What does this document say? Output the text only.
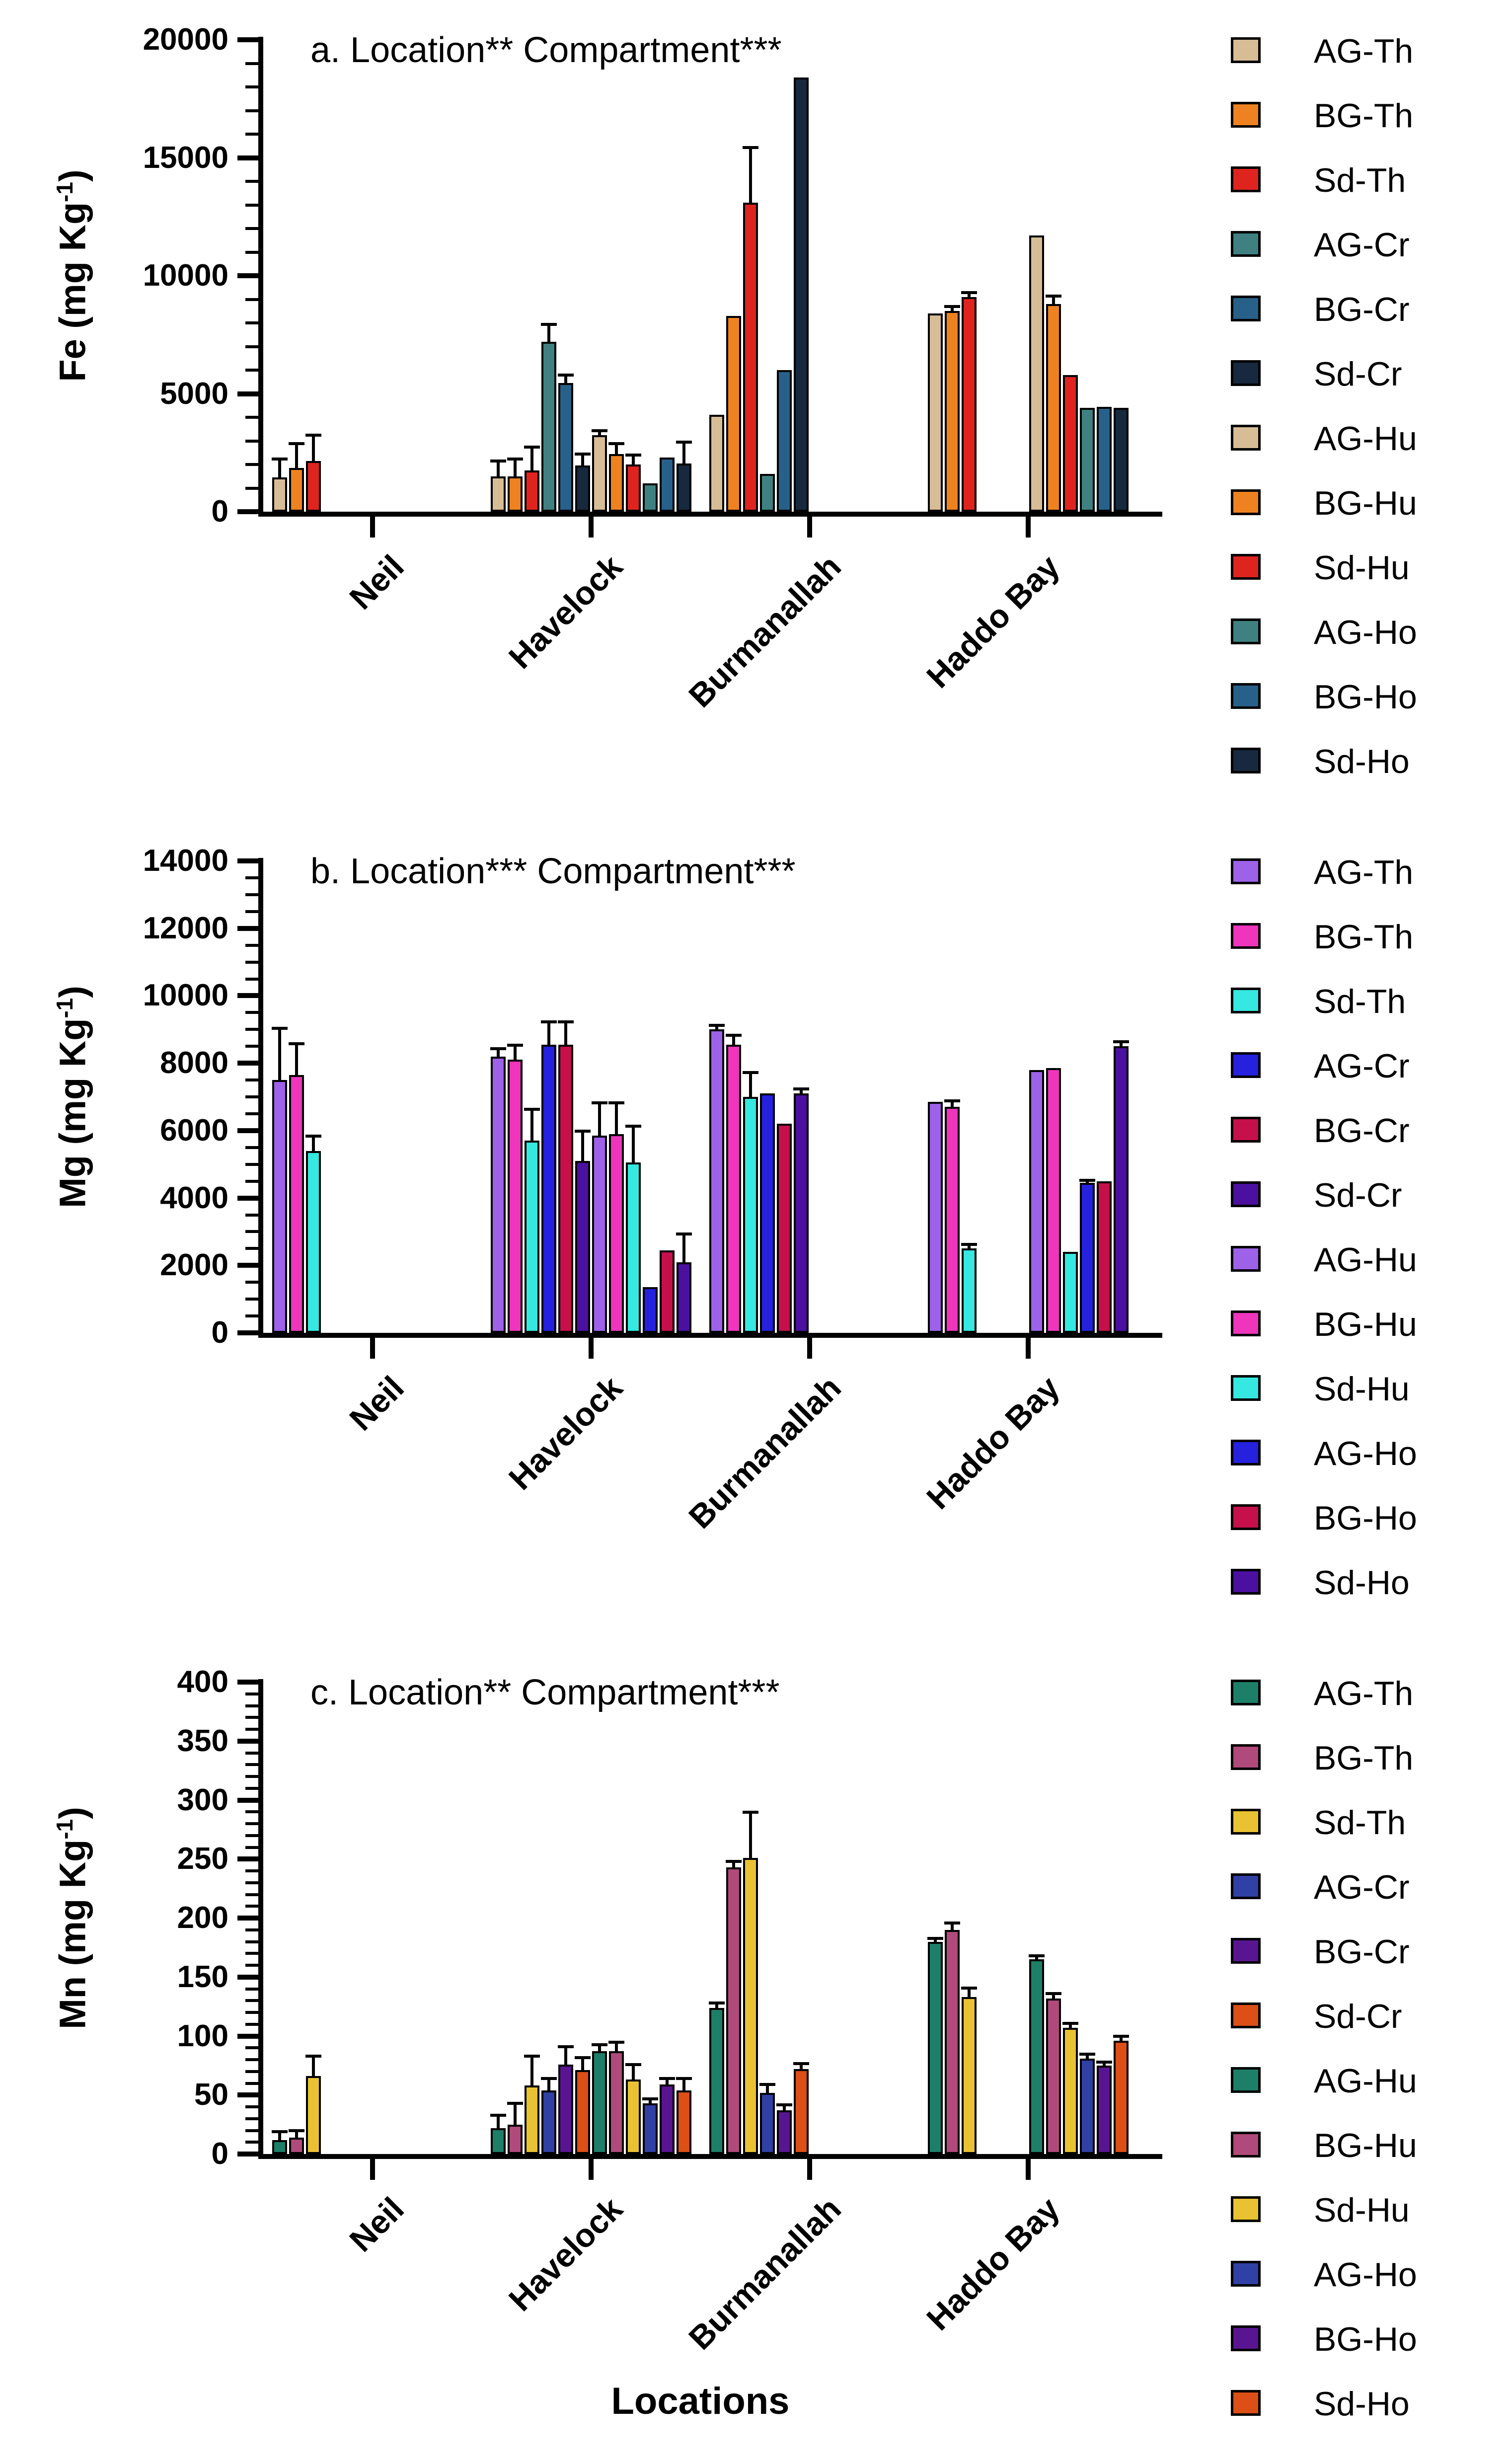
0
5000
10000
15000
20000 a. Location** Compartment***
Fe (mg $Kg^{-1}$)
Neil	Havelock Burmanallah Haddo Bay
AG-Th
BG-Th
Sd-Th
AG-Cr
BG-Cr
Sd-Cr
AG-Hu
BG-Hu
Sd-Hu
AG-Ho
BG-Ho
Sd-Ho
0
2000
4000
6000
8000
10000
12000
14000 b. Location*** Compartment***
Mg (mg $Kg^{-1}$)
Neil	Havelock Burmanallah Haddo Bay
AG-Th
BG-Th
Sd-Th
AG-Cr
BG-Cr
Sd-Cr
AG-Hu
BG-Hu
Sd-Hu
AG-Ho
BG-Ho
Sd-Ho
0
50
100
150
200
250
300
350
400 c. Location** Compartment***
Mn (mg $Kg^{-1}$)
Neil	Havelock Burmanallah Haddo Bay
AG-Th
BG-Th
Sd-Th
AG-Cr
BG-Cr
Sd-Cr
AG-Hu
BG-Hu
Sd-Hu
AG-Ho
BG-Ho
Sd-Ho
Locations
